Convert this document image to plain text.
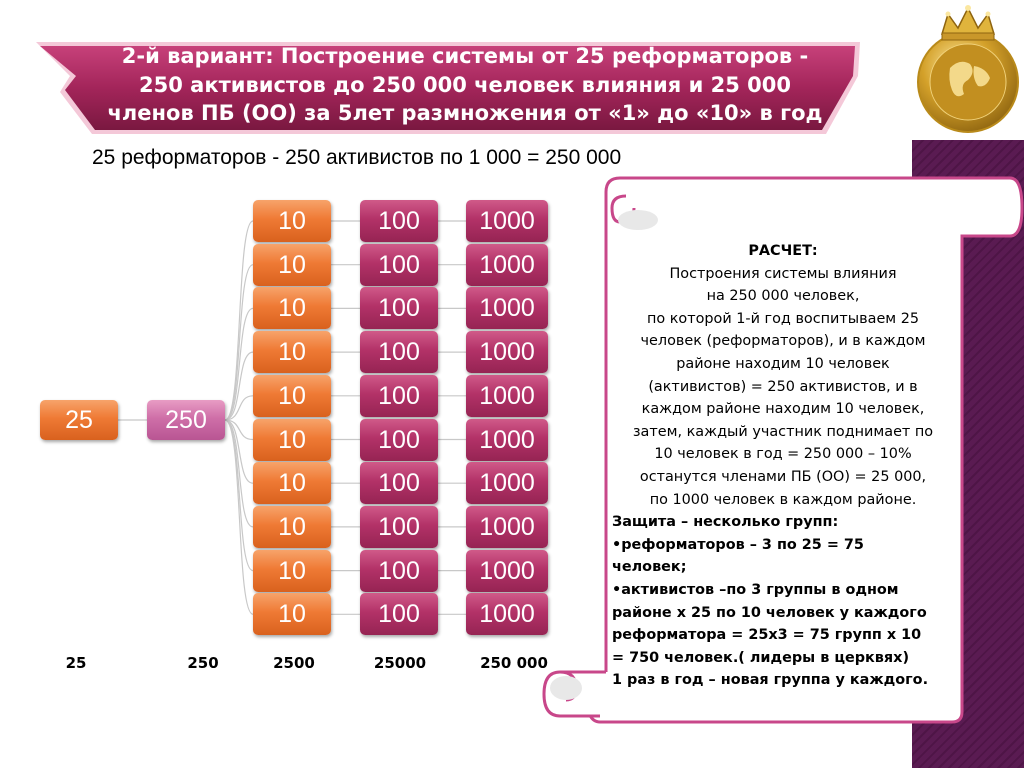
2-й вариант: Построение системы от 25 реформаторов -
250 активистов до 250 000 человек влияния и 25 000
членов ПБ (ОО) за 5лет размножения от «1» до «10» в год
25 реформаторов - 250 активистов по 1 000 = 250 000
25	250
10	100	1000
10	100	1000
10	100	1000
10	100	1000
10	100	1000
10	100	1000
10	100	1000
10	100	1000
10	100	1000
10	100	1000
25	250	2500	25000	250 000
РАСЧЕТ:
Построения системы влияния
на 250 000 человек,
по которой 1-й год воспитываем 25
человек (реформаторов), и в каждом
районе находим 10 человек
(активистов) = 250 активистов, и в
каждом районе находим 10 человек,
затем, каждый участник поднимает по
10 человек в год = 250 000 – 10%
останутся членами ПБ (ОО) = 25 000,
по 1000 человек в каждом районе.
Защита – несколько групп:
•реформаторов – 3 по 25 = 75
человек;
•активистов –по 3 группы в одном
районе х 25 по 10 человек у каждого
реформатора = 25х3 = 75 групп х 10
= 750 человек.( лидеры в церквях)
1 раз в год – новая группа у каждого.
